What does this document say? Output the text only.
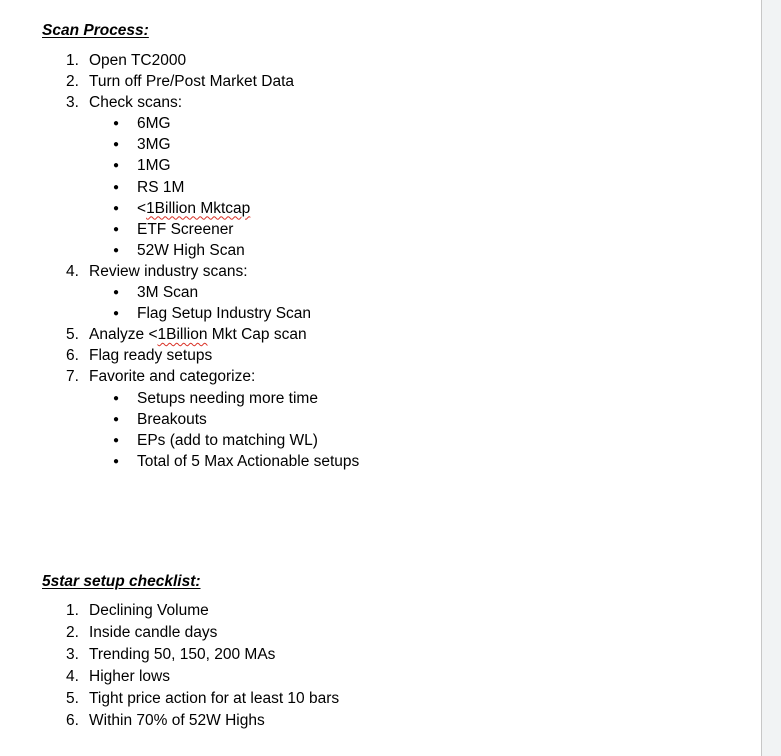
Scan Process:
1. Open TC2000
2. Turn off Pre/Post Market Data
3. Check scans:
● 6MG
● 3MG
● 1MG
● RS 1M
● <1Billion Mktcap
● ETF Screener
● 52W High Scan
4. Review industry scans:
● 3M Scan
● Flag Setup Industry Scan
5. Analyze <1Billion Mkt Cap scan
6. Flag ready setups
7. Favorite and categorize:
● Setups needing more time
● Breakouts
● EPs (add to matching WL)
● Total of 5 Max Actionable setups
5star setup checklist:
1. Declining Volume
2. Inside candle days
3. Trending 50, 150, 200 MAs
4. Higher lows
5. Tight price action for at least 10 bars
6. Within 70% of 52W Highs
